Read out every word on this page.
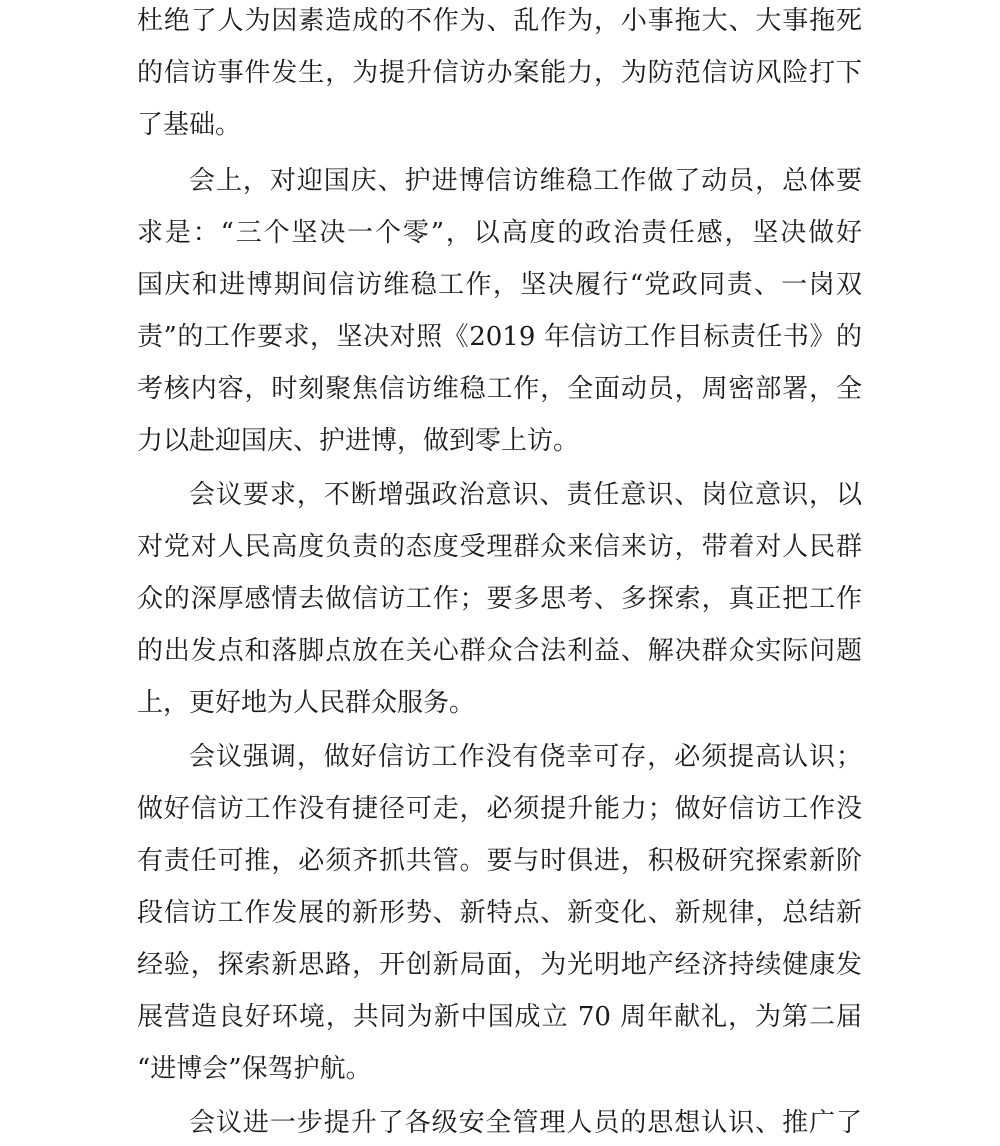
杜绝了人为因素造成的不作为、乱作为，小事拖大、大事拖死
的信访事件发生，为提升信访办案能力，为防范信访风险打下
了基础。
会上，对迎国庆、护进博信访维稳工作做了动员，总体要
求是：“三个坚决一个零”，以高度的政治责任感，坚决做好
国庆和进博期间信访维稳工作，坚决履行“党政同责、一岗双
责”的工作要求，坚决对照《2019 年信访工作目标责任书》的
考核内容，时刻聚焦信访维稳工作，全面动员，周密部署，全
力以赴迎国庆、护进博，做到零上访。
会议要求，不断增强政治意识、责任意识、岗位意识，以
对党对人民高度负责的态度受理群众来信来访，带着对人民群
众的深厚感情去做信访工作；要多思考、多探索，真正把工作
的出发点和落脚点放在关心群众合法利益、解决群众实际问题
上，更好地为人民群众服务。
会议强调，做好信访工作没有侥幸可存，必须提高认识；
做好信访工作没有捷径可走，必须提升能力；做好信访工作没
有责任可推，必须齐抓共管。要与时俱进，积极研究探索新阶
段信访工作发展的新形势、新特点、新变化、新规律，总结新
经验，探索新思路，开创新局面，为光明地产经济持续健康发
展营造良好环境，共同为新中国成立 70 周年献礼，为第二届
“进博会”保驾护航。
会议进一步提升了各级安全管理人员的思想认识、推广了
